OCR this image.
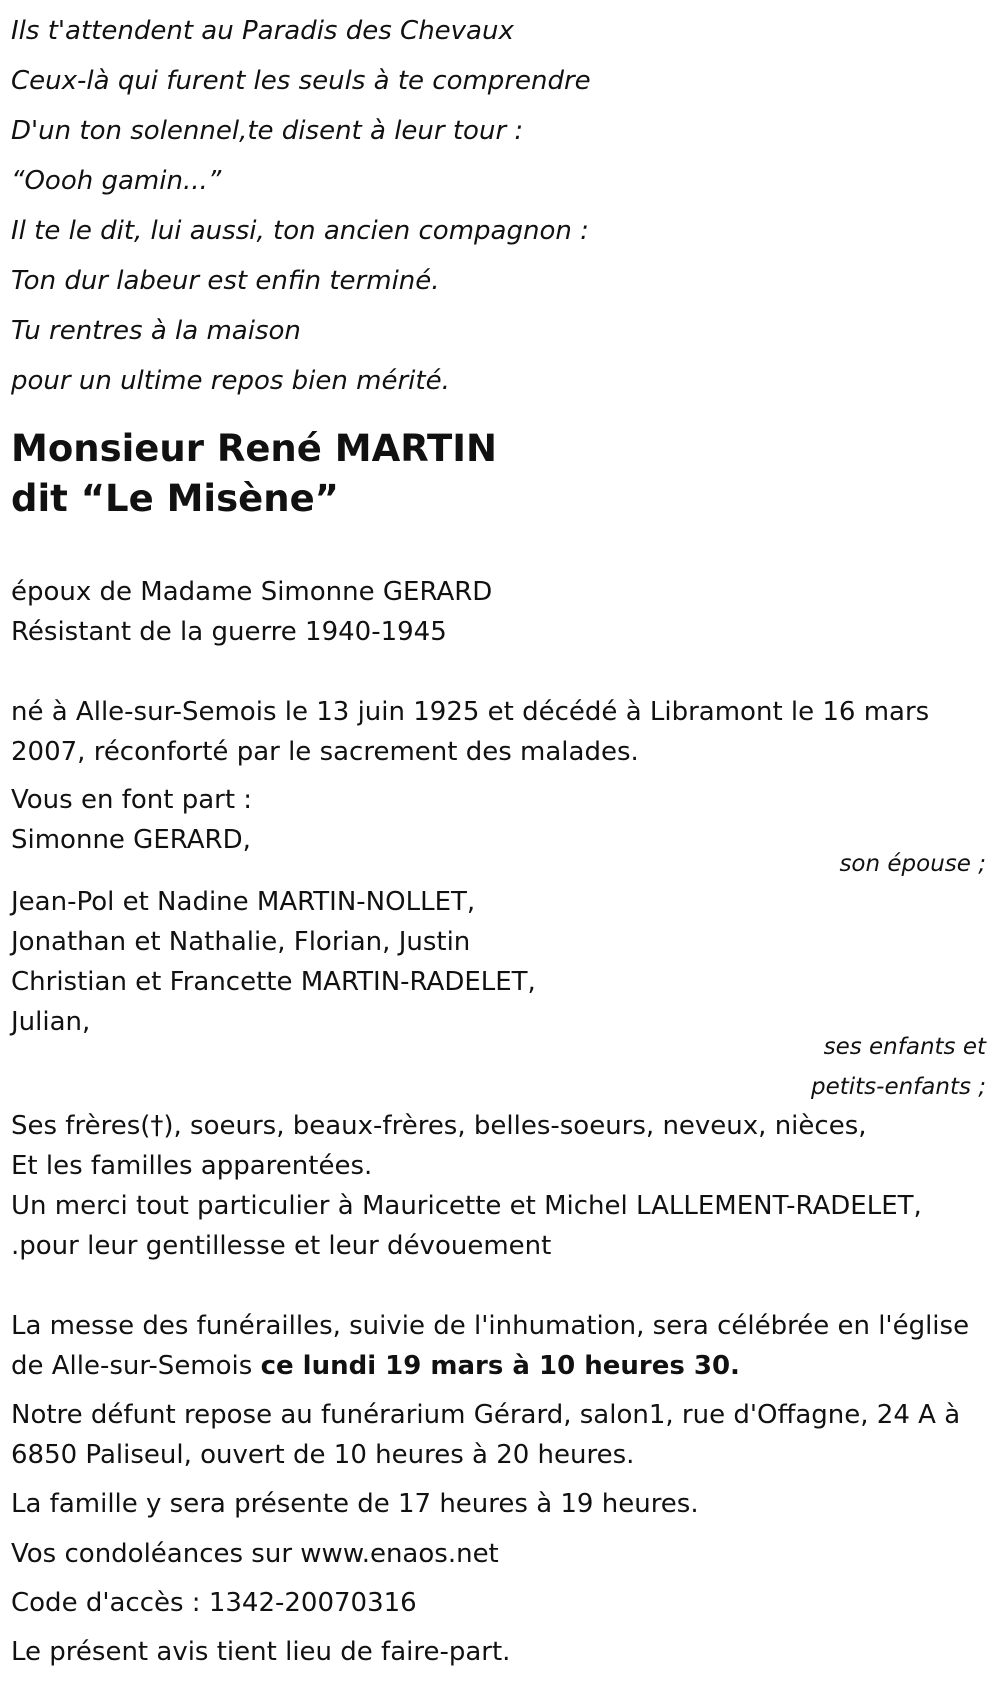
Ils t'attendent au Paradis des Chevaux
Ceux-là qui furent les seuls à te comprendre
D'un ton solennel,te disent à leur tour :
“Oooh gamin...”
Il te le dit, lui aussi, ton ancien compagnon :
Ton dur labeur est enfin terminé.
Tu rentres à la maison
pour un ultime repos bien mérité.
Monsieur René MARTIN
dit “Le Misène”
époux de Madame Simonne GERARD
Résistant de la guerre 1940-1945
né à Alle-sur-Semois le 13 juin 1925 et décédé à Libramont le 16 mars 2007, réconforté par le sacrement des malades.
Vous en font part :
Simonne GERARD,
son épouse ;
Jean-Pol et Nadine MARTIN-NOLLET,
Jonathan et Nathalie, Florian, Justin
Christian et Francette MARTIN-RADELET,
Julian,
ses enfants et
petits-enfants ;
Ses frères(†), soeurs, beaux-frères, belles-soeurs, neveux, nièces,
Et les familles apparentées.
Un merci tout particulier à Mauricette et Michel LALLEMENT-RADELET,
.pour leur gentillesse et leur dévouement
La messe des funérailles, suivie de l'inhumation, sera célébrée en l'église de Alle-sur-Semois ce lundi 19 mars à 10 heures 30.
Notre défunt repose au funérarium Gérard, salon1, rue d'Offagne, 24 A à 6850 Paliseul, ouvert de 10 heures à 20 heures.
La famille y sera présente de 17 heures à 19 heures.
Vos condoléances sur www.enaos.net
Code d'accès : 1342-20070316
Le présent avis tient lieu de faire-part.
